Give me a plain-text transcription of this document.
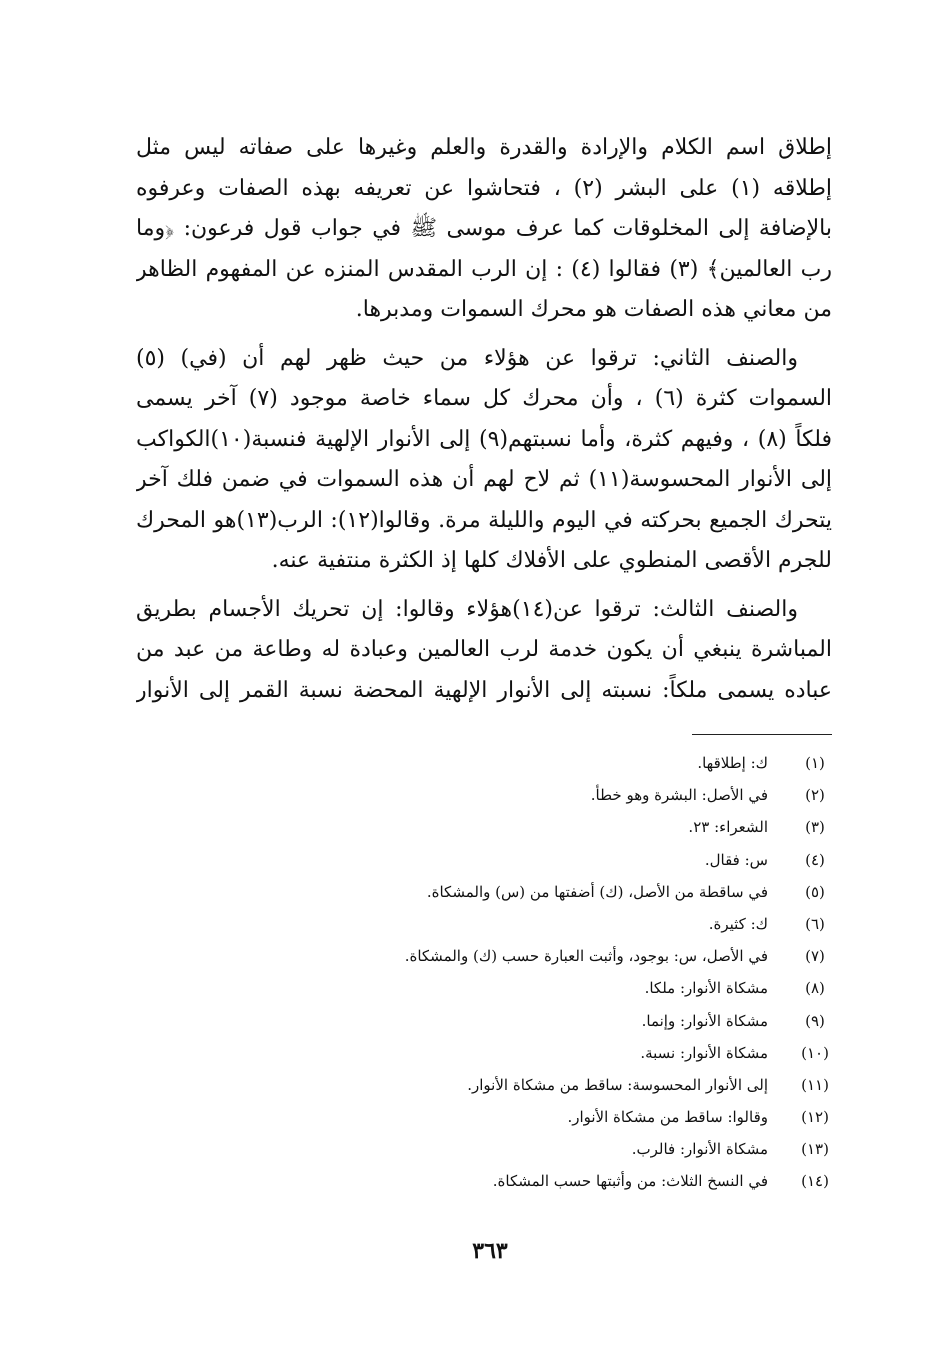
إطلاق اسم الكلام والإرادة والقدرة والعلم وغيرها على صفاته ليس مثل
إطلاقه (١) على البشر (٢) ، فتحاشوا عن تعريفه بهذه الصفات وعرفوه
بالإضافة إلى المخلوقات كما عرف موسى ﷺ في جواب قول فرعون: ﴿وما
رب العالمين﴾ (٣) فقالوا (٤) : إن الرب المقدس المنزه عن المفهوم الظاهر
من معاني هذه الصفات هو محرك السموات ومدبرها.
والصنف الثاني: ترقوا عن هؤلاء من حيث ظهر لهم أن (في) (٥)
السموات كثرة (٦) ، وأن محرك كل سماء خاصة موجود (٧) آخر يسمى
فلكاً (٨) ، وفيهم كثرة، وأما نسبتهم(٩) إلى الأنوار الإلهية فنسبة(١٠)الكواكب
إلى الأنوار المحسوسة(١١) ثم لاح لهم أن هذه السموات في ضمن فلك آخر
يتحرك الجميع بحركته في اليوم والليلة مرة. وقالوا(١٢): الرب(١٣)هو المحرك
للجرم الأقصى المنطوي على الأفلاك كلها إذ الكثرة منتفية عنه.
والصنف الثالث: ترقوا عن(١٤)هؤلاء وقالوا: إن تحريك الأجسام بطريق
المباشرة ينبغي أن يكون خدمة لرب العالمين وعبادة له وطاعة من عبد من
عباده يسمى ملكاً: نسبته إلى الأنوار الإلهية المحضة نسبة القمر إلى الأنوار
(١)
ك: إطلاقها.
(٢)
في الأصل: البشرة وهو خطأ.
(٣)
الشعراء: ٢٣.
(٤)
س: فقال.
(٥)
في ساقطة من الأصل، (ك) أضفتها من (س) والمشكاة.
(٦)
ك: كثيرة.
(٧)
في الأصل، س: بوجود، وأثبت العبارة حسب (ك) والمشكاة.
(٨)
مشكاة الأنوار: ملكا.
(٩)
مشكاة الأنوار: وإنما.
(١٠)
مشكاة الأنوار: نسبة.
(١١)
إلى الأنوار المحسوسة: ساقط من مشكاة الأنوار.
(١٢)
وقالوا: ساقط من مشكاة الأنوار.
(١٣)
مشكاة الأنوار: فالرب.
(١٤)
في النسخ الثلاث: من وأثبتها حسب المشكاة.
٣٦٣
